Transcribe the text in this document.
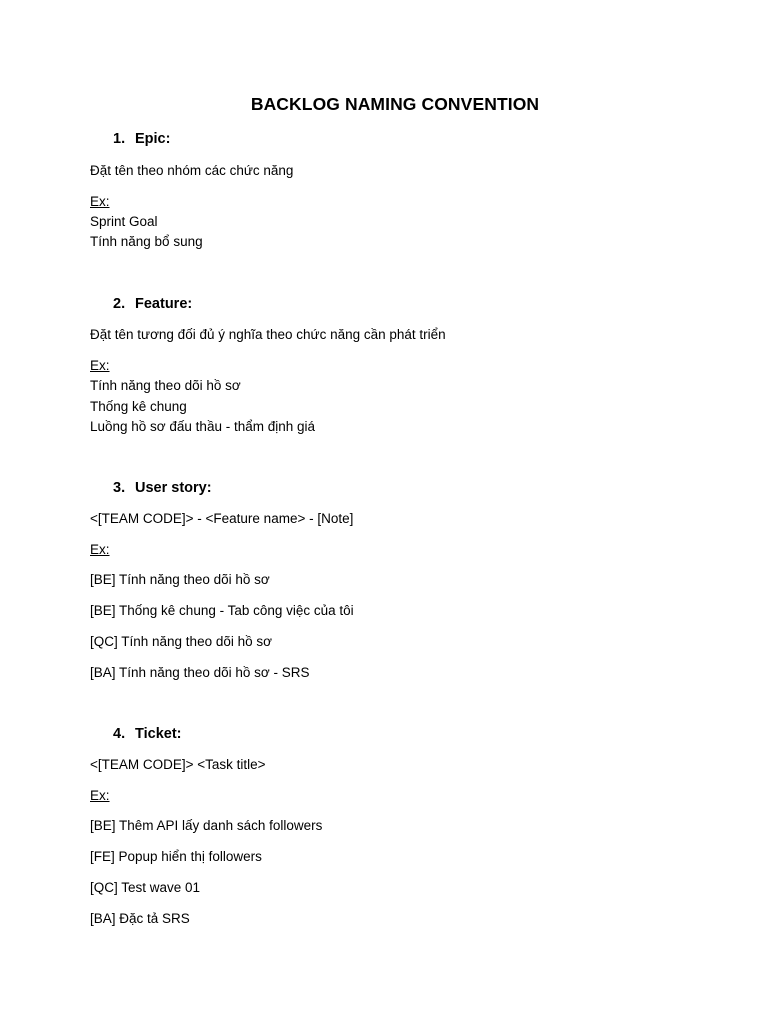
BACKLOG NAMING CONVENTION
1. Epic:
Đặt tên theo nhóm các chức năng
Ex:
Sprint Goal
Tính năng bổ sung
2. Feature:
Đặt tên tương đối đủ ý nghĩa theo chức năng cần phát triển
Ex:
Tính năng theo dõi hồ sơ
Thống kê chung
Luồng hồ sơ đấu thầu - thẩm định giá
3. User story:
<[TEAM CODE]> - <Feature name> - [Note]
Ex:
[BE] Tính năng theo dõi hồ sơ
[BE] Thống kê chung - Tab công việc của tôi
[QC] Tính năng theo dõi hồ sơ
[BA] Tính năng theo dõi hồ sơ - SRS
4. Ticket:
<[TEAM CODE]> <Task title>
Ex:
[BE] Thêm API lấy danh sách followers
[FE] Popup hiển thị followers
[QC] Test wave 01
[BA] Đặc tả SRS
